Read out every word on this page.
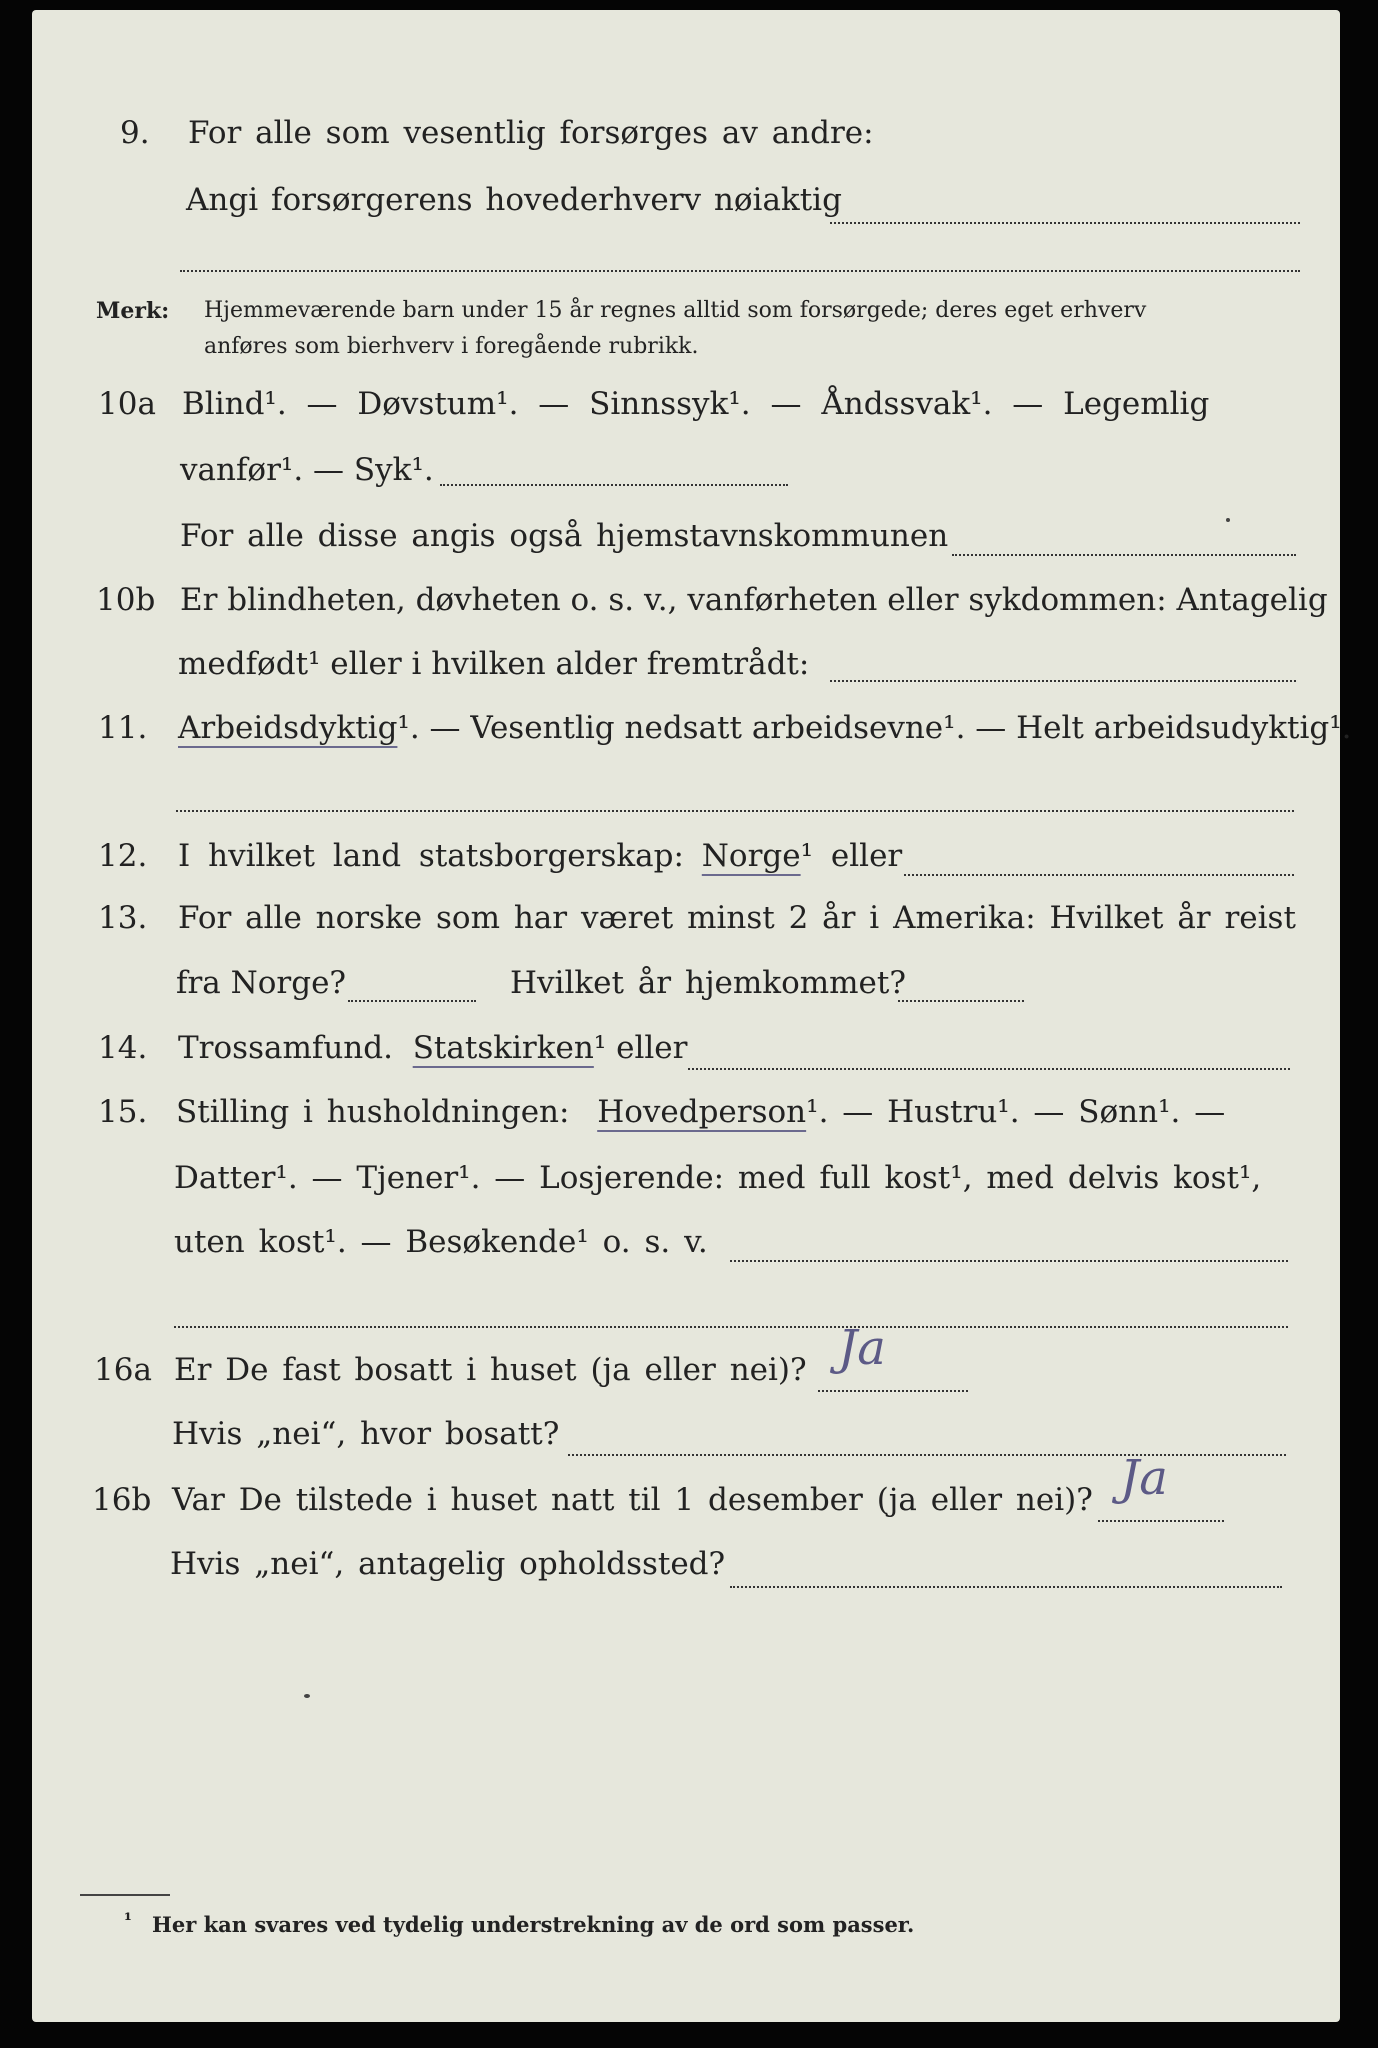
9. For alle som vesentlig forsørges av andre:
Angi forsørgerens hovederhverv nøiaktig
Merk: Hjemmeværende barn under 15 år regnes alltid som forsørgede; deres eget erhverv
anføres som bierhverv i foregående rubrikk.
10a Blind¹. — Døvstum¹. — Sinnssyk¹. — Åndssvak¹. — Legemlig
vanfør¹. — Syk¹.
For alle disse angis også hjemstavnskommunen
10b Er blindheten, døvheten o. s. v., vanførheten eller sykdommen: Antagelig
medfødt¹ eller i hvilken alder fremtrådt:
11. Arbeidsdyktig¹. — Vesentlig nedsatt arbeidsevne¹. — Helt arbeidsudyktig¹.
12. I hvilket land statsborgerskap: Norge¹ eller
13. For alle norske som har været minst 2 år i Amerika: Hvilket år reist
fra Norge?	Hvilket år hjemkommet?
14. Trossamfund. Statskirken¹ eller
15. Stilling i husholdningen: Hovedperson¹. — Hustru¹. — Sønn¹. —
Datter¹. — Tjener¹. — Losjerende: med full kost¹, med delvis kost¹,
uten kost¹. — Besøkende¹ o. s. v.
16a Er De fast bosatt i huset (ja eller nei)? Ja
Hvis „nei“, hvor bosatt?
16b Var De tilstede i huset natt til 1 desember (ja eller nei)? Ja
Hvis „nei“, antagelig opholdssted?
¹ Her kan svares ved tydelig understrekning av de ord som passer.
